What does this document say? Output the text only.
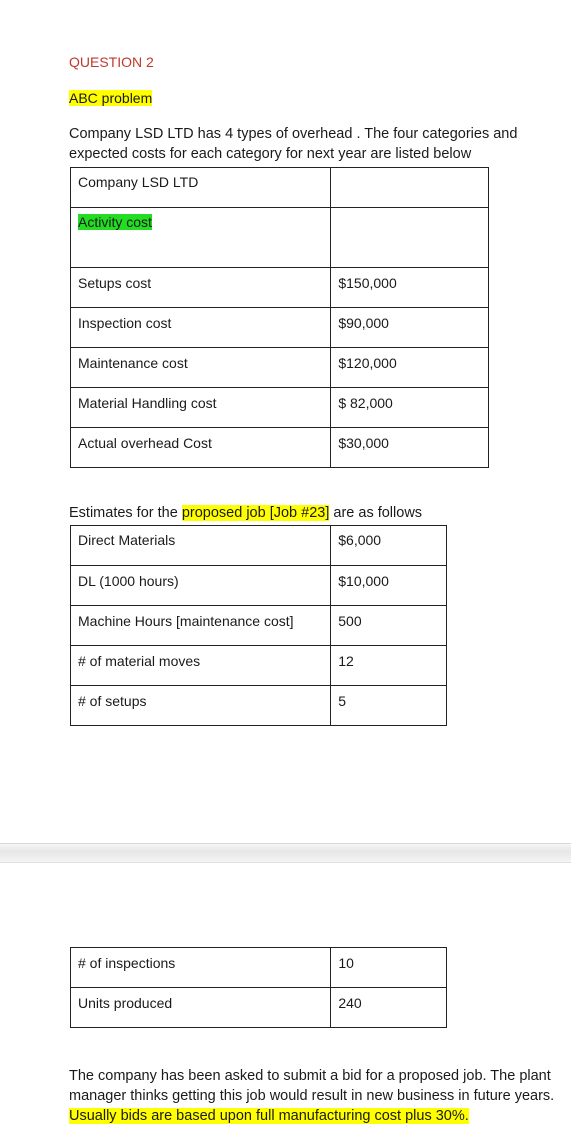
QUESTION 2
ABC problem
Company LSD LTD has 4 types of overhead . The four categories and expected costs for each category for next year are listed below
Company LSD LTD	
Activity cost	
Setups cost	$150,000
Inspection cost	$90,000
Maintenance cost	$120,000
Material Handling cost	$ 82,000
Actual overhead Cost	$30,000
Estimates for the proposed job [Job #23] are as follows
Direct Materials	$6,000
DL (1000 hours)	$10,000
Machine Hours [maintenance cost]	500
# of material moves	12
# of setups	5
# of inspections	10
Units produced	240
The company has been asked to submit a bid for a proposed job. The plant manager thinks getting this job would result in new business in future years. Usually bids are based upon full manufacturing cost plus 30%.
